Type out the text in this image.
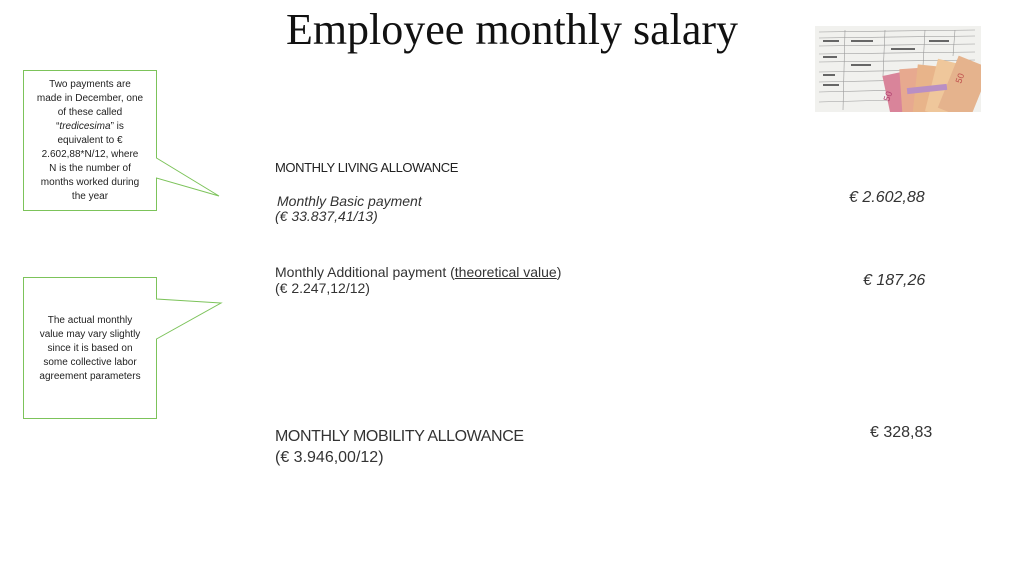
Employee monthly salary
50
50
Two payments are
made in December, one
of these called
“tredicesima” is
equivalent to €
2.602,88*N/12, where
N is the number of
months worked during
the year
The actual monthly
value may vary slightly
since it is based on
some collective labor
agreement parameters
MONTHLY LIVING ALLOWANCE
Monthly Basic payment
(€ 33.837,41/13)
€ 2.602,88
Monthly Additional payment (theoretical value)
(€ 2.247,12/12)	€ 187,26
MONTHLY MOBILITY ALLOWANCE
(€ 3.946,00/12)
€ 328,83
